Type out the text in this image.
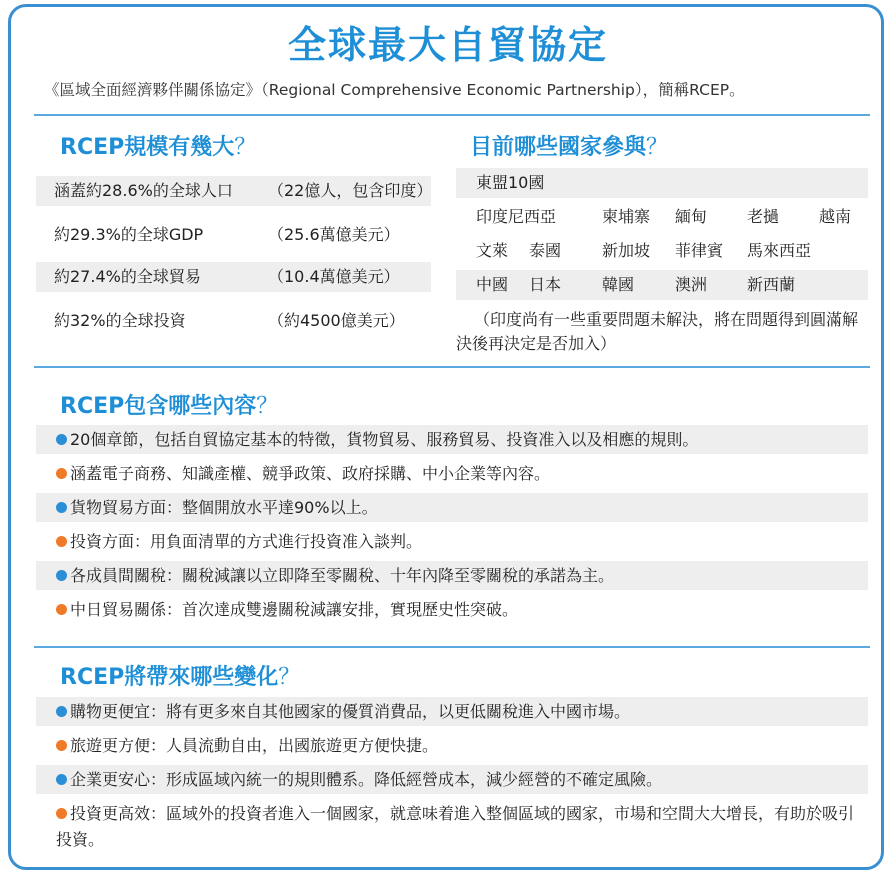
全球最大自貿協定
《區域全面經濟夥伴關係協定》（Regional Comprehensive Economic Partnership），簡稱RCEP。
RCEP規模有幾大？
涵蓋約28.6%的全球人口 （22億人，包含印度）
約29.3%的全球GDP	（25.6萬億美元）
約27.4%的全球貿易	（10.4萬億美元）
約32%的全球投資	（約4500億美元）
目前哪些國家參與？
東盟10國
印度尼西亞	柬埔寨 緬甸 老撾 越南
文萊 泰國	新加坡 菲律賓 馬來西亞
中國 日本	韓國	澳洲 新西蘭
（印度尚有一些重要問題未解決，將在問題得到圓滿解決後再決定是否加入）
RCEP包含哪些內容？
20個章節，包括自貿協定基本的特徵，貨物貿易、服務貿易、投資准入以及相應的規則。
涵蓋電子商務、知識產權、競爭政策、政府採購、中小企業等內容。
貨物貿易方面：整個開放水平達90%以上。
投資方面：用負面清單的方式進行投資准入談判。
各成員間關稅：關稅減讓以立即降至零關稅、十年內降至零關稅的承諾為主。
中日貿易關係：首次達成雙邊關稅減讓安排，實現歷史性突破。
RCEP將帶來哪些變化？
購物更便宜：將有更多來自其他國家的優質消費品，以更低關稅進入中國市場。
旅遊更方便：人員流動自由，出國旅遊更方便快捷。
企業更安心：形成區域內統一的規則體系。降低經營成本，減少經營的不確定風險。
投資更高效：區域外的投資者進入一個國家，就意味着進入整個區域的國家，市場和空間大大增長，有助於吸引投資。
